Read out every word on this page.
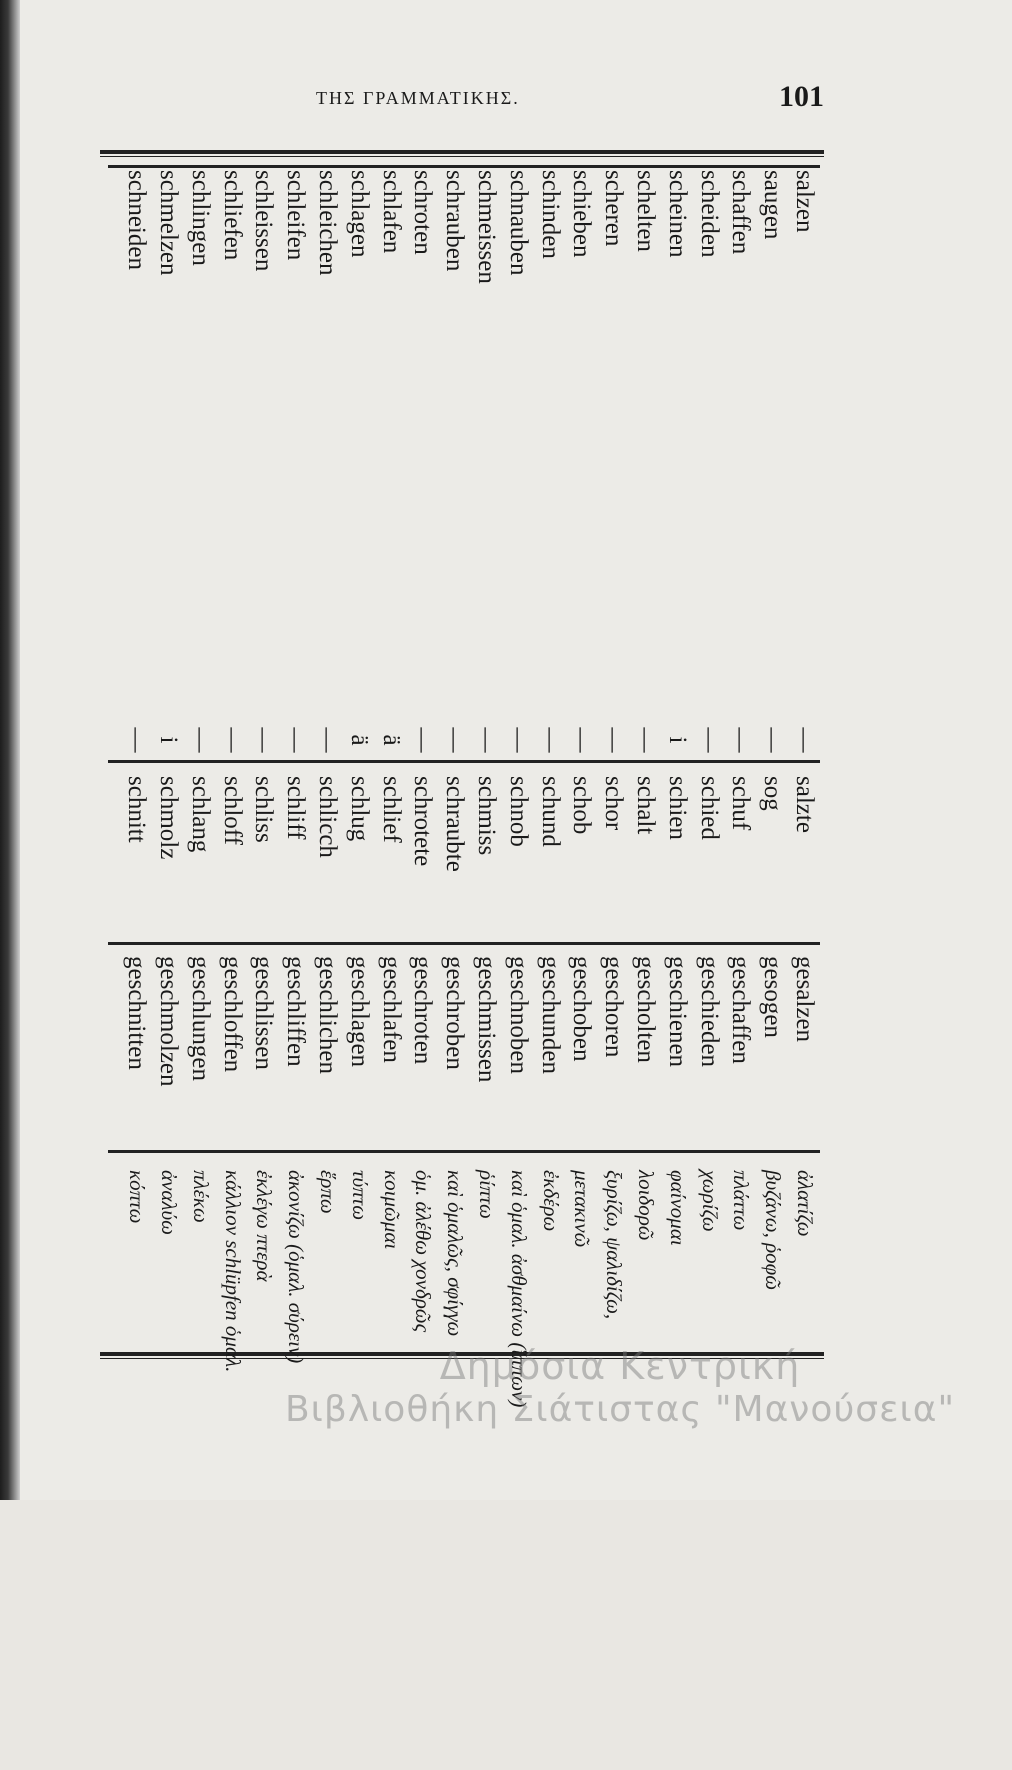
ΤΗΣ ΓΡΑΜΜΑΤΙΚΗΣ.	101
salzen
saugen
schaffen
scheiden
scheinen
schelten
scheren
schieben
schinden
schnauben
schmeissen
schrauben
schroten
schlafen
schlagen
schleichen
schleifen
schleissen
schliefen
schlingen
schmelzen
schneiden
—
—
—
—
i
—
—
—
—
—
—
—
—
ä
ä
—
—
—
—
—
i
—
salzte
sog
schuf
schied
schien
schalt
schor
schob
schund
schnob
schmiss
schraubte
schrotete
schlief
schlug
schlicch
schliff
schliss
schloff
schlang
schmolz
schnitt
gesalzen
gesogen
geschaffen
geschieden
geschienen
gescholten
geschoren
geschoben
geschunden
geschnoben
geschmissen
geschroben
geschroten
geschlafen
geschlagen
geschlichen
geschliffen
geschlissen
geschloffen
geschlungen
geschmolzen
geschnitten
ἀλατίζω
βυζάνω, ῥοφῶ
πλάττω
χωρίζω
φαίνομαι
λοιδορῶ
ξυρίζω, ψαλιδίζω,
μετακινῶ
ἐκδέρω
καὶ ὁμαλ. ἀσθμαίνω (ἵππων)
ῥίπτω
καὶ ὁμαλῶς, σφίγγω
ὁμ. ἀλέθω χονδρῶς
κοιμῶμαι
τύπτω
ἕρπω
ἀκονίζω (ὁμαλ. σύρειν)
ἐκλέγω πτερὰ
κάλλιον schlüpfen ὁμαλ.
πλέκω
ἀναλύω
κόπτω
Δημόσια Κεντρική
Βιβλιοθήκη Σιάτιστας "Μανούσεια"
